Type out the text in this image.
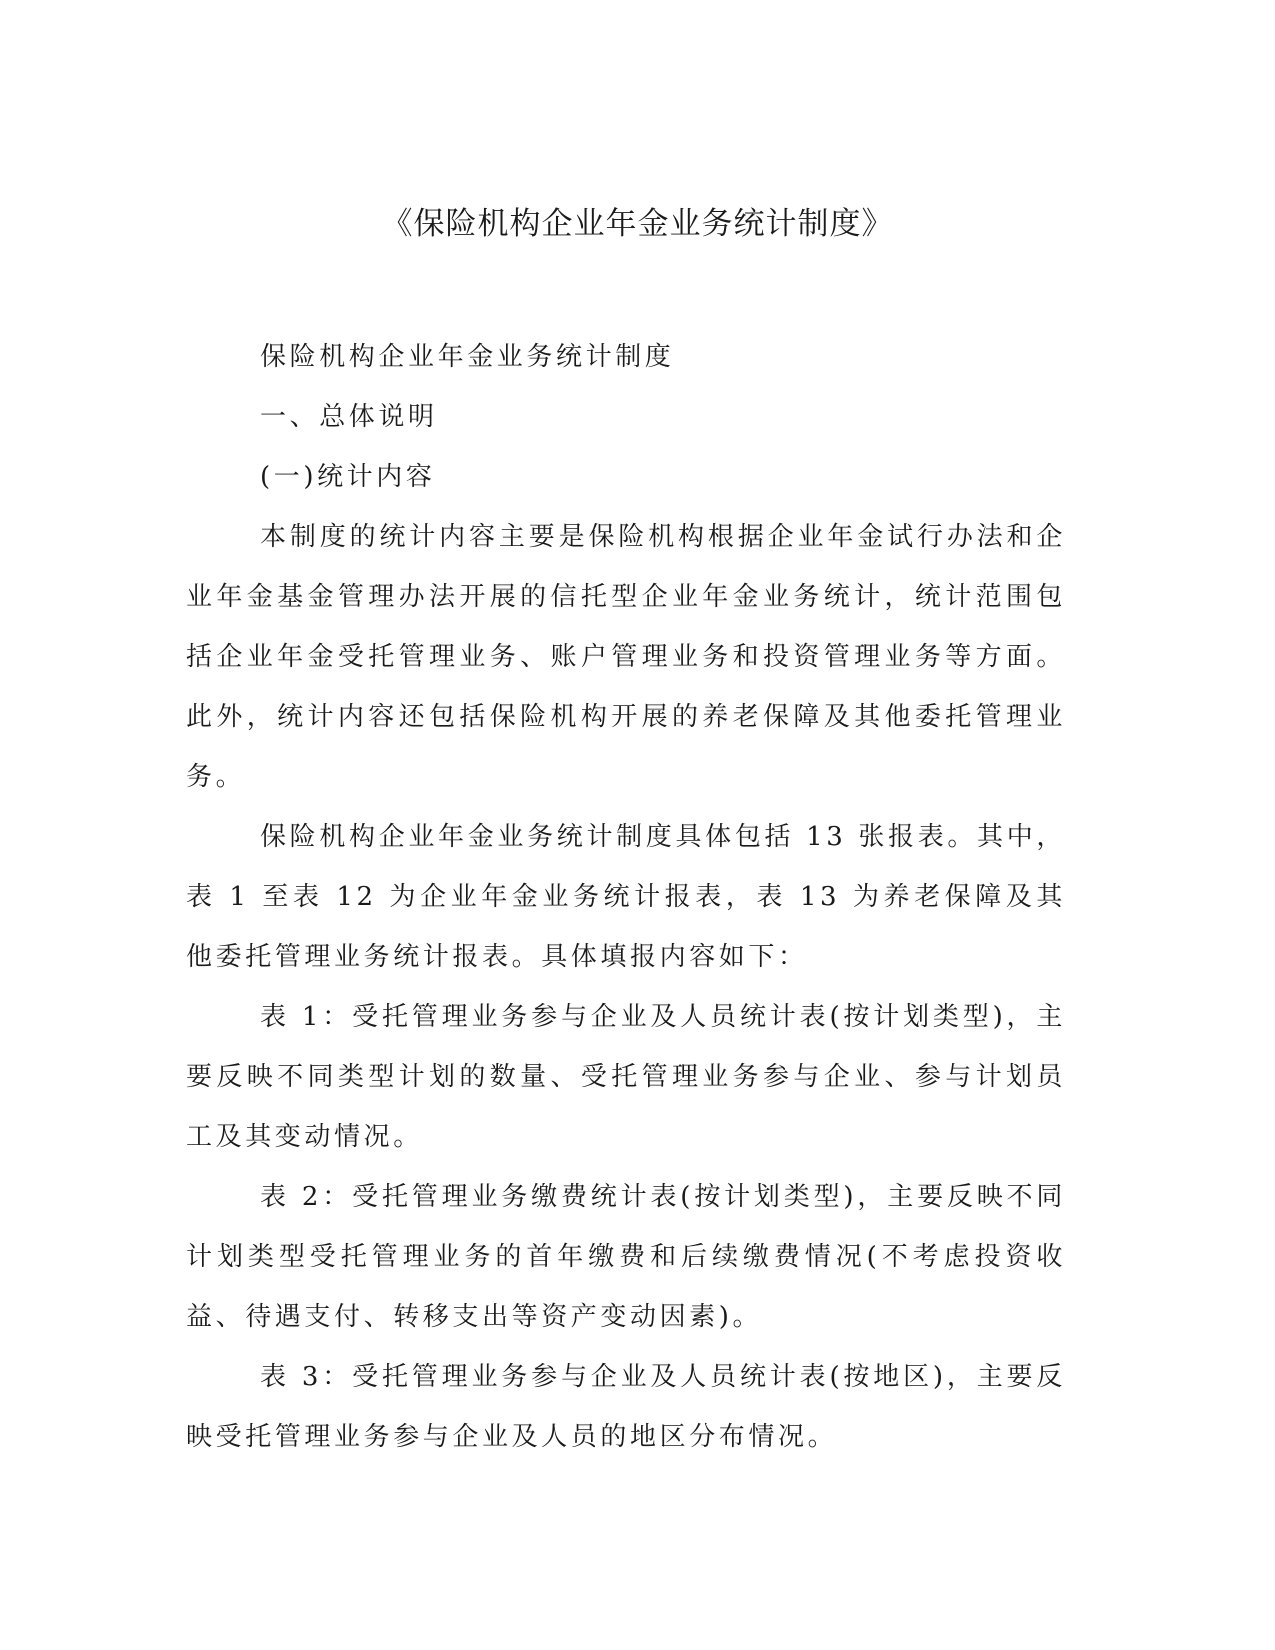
《保险机构企业年金业务统计制度》

保险机构企业年金业务统计制度

一、总体说明

(一)统计内容

本制度的统计内容主要是保险机构根据企业年金试行办法和企业年金基金管理办法开展的信托型企业年金业务统计，统计范围包括企业年金受托管理业务、账户管理业务和投资管理业务等方面。此外，统计内容还包括保险机构开展的养老保障及其他委托管理业务。

保险机构企业年金业务统计制度具体包括 13 张报表。其中，表 1 至表 12 为企业年金业务统计报表，表 13 为养老保障及其他委托管理业务统计报表。具体填报内容如下：

表 1：受托管理业务参与企业及人员统计表(按计划类型)，主要反映不同类型计划的数量、受托管理业务参与企业、参与计划员工及其变动情况。

表 2：受托管理业务缴费统计表(按计划类型)，主要反映不同计划类型受托管理业务的首年缴费和后续缴费情况(不考虑投资收益、待遇支付、转移支出等资产变动因素)。

表 3：受托管理业务参与企业及人员统计表(按地区)，主要反映受托管理业务参与企业及人员的地区分布情况。
